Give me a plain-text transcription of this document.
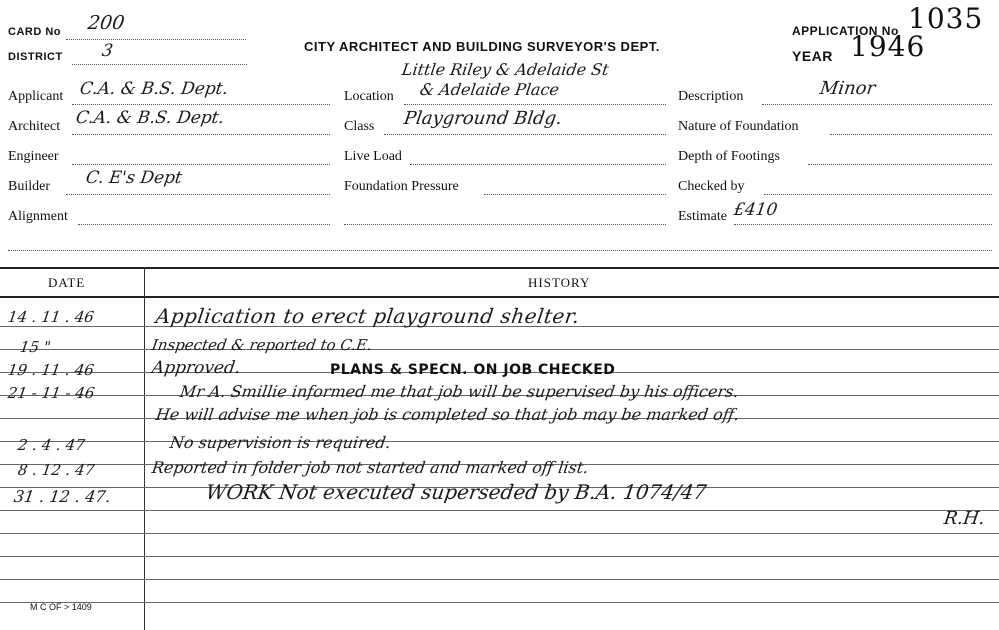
CARD No 200
DISTRICT 3	CITY ARCHITECT AND BUILDING SURVEYOR'S DEPT.
APPLICATION No 1035
YEAR 1946
Applicant C.A. & B.S. Dept.
Architect C.A. & B.S. Dept.
Engineer
Builder C. E's Dept
Alignment
Little Riley & Adelaide St
Location & Adelaide Place
Class Playground Bldg.
Live Load
Foundation Pressure
Description	Minor
Nature of Foundation
Depth of Footings
Checked by
Estimate £410
DATE	HISTORY
14 . 11 . 46	Application to erect playground shelter.
15 "	Inspected & reported to C.E.
19 . 11 . 46	Approved.	PLANS & SPECN. ON JOB CHECKED
21 - 11 - 46	Mr A. Smillie informed me that job will be supervised by his officers.
He will advise me when job is completed so that job may be marked off.
2 . 4 . 47	No supervision is required.
8 . 12 . 47	Reported in folder job not started and marked off list.
31 . 12 . 47.	WORK Not executed superseded by B.A. 1074/47
R.H.
M C OF > 1409
